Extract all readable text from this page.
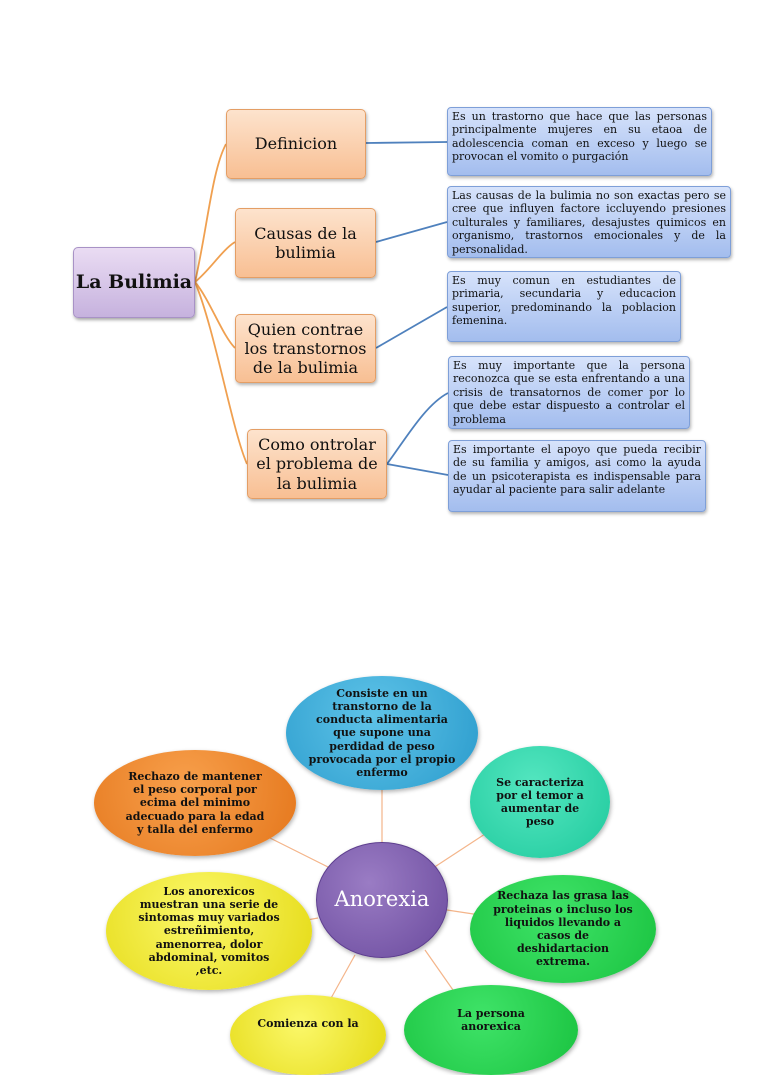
La Bulimia
Definicion
Causas de la bulimia
Quien contrae los transtornos de la bulimia
Como ontrolar el problema de la bulimia
Es un trastorno que hace que las personas principalmente mujeres en su etaoa de adolescencia coman en exceso y luego se provocan el vomito o purgación
Las causas de la bulimia no son exactas pero se cree que influyen factore iccluyendo presiones culturales y familiares, desajustes quimicos en organismo, trastornos emocionales y de la personalidad.
Es muy comun en estudiantes de primaria, secundaria y educacion superior, predominando la poblacion femenina.
Es muy importante que la persona reconozca que se esta enfrentando a una crisis de transatornos de comer por lo que debe estar dispuesto a controlar el problema
Es importante el apoyo que pueda recibir de su familia y amigos, asi como la ayuda de un psicoterapista es indispensable para ayudar al paciente para salir adelante
Consiste en un transtorno de la conducta alimentaria que supone una perdidad de peso provocada por el propio enfermo
Se caracteriza por el temor a aumentar de peso
Rechaza las grasa las proteinas o incluso los liquidos llevando a casos de deshidartacion extrema.
La persona anorexica
Comienza con la
Los anorexicos muestran una serie de sintomas muy variados estreñimiento, amenorrea, dolor abdominal, vomitos ,etc.
Rechazo de mantener el peso corporal por ecima del minimo adecuado para la edad y talla del enfermo
Anorexia
